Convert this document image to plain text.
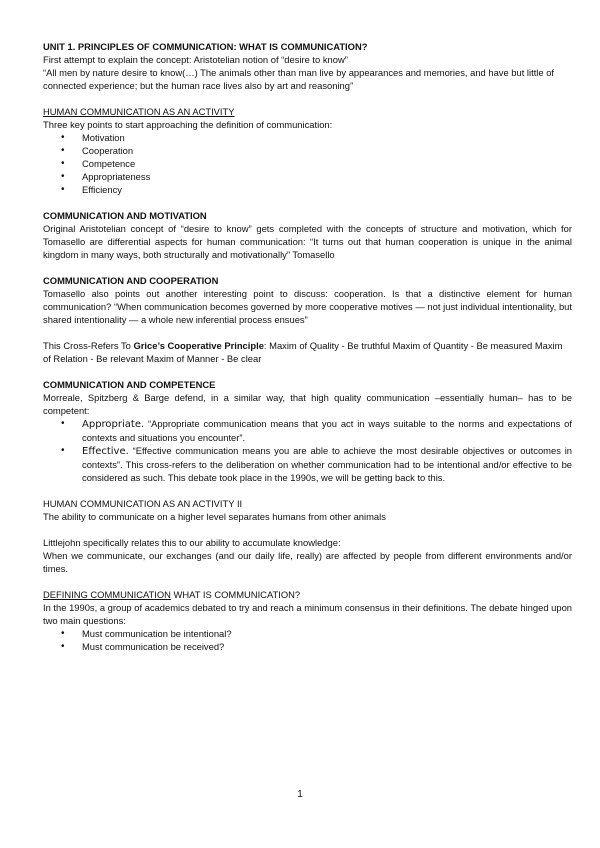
UNIT 1. PRINCIPLES OF COMMUNICATION: WHAT IS COMMUNICATION?

First attempt to explain the concept: Aristotelian notion of “desire to know”

“All men by nature desire to know(…) The animals other than man live by appearances and memories, and have but little of connected experience; but the human race lives also by art and reasoning”

HUMAN COMMUNICATION AS AN ACTIVITY

Three key points to start approaching the definition of communication:

• Motivation
• Cooperation
• Competence
• Appropriateness
• Efficiency

COMMUNICATION AND MOTIVATION

Original Aristotelian concept of “desire to know” gets completed with the concepts of structure and motivation, which for Tomasello are differential aspects for human communication: “It turns out that human cooperation is unique in the animal kingdom in many ways, both structurally and motivationally” Tomasello

COMMUNICATION AND COOPERATION

Tomasello also points out another interesting point to discuss: cooperation. Is that a distinctive element for human communication? “When communication becomes governed by more cooperative motives — not just individual intentionality, but shared intentionality — a whole new inferential process ensues”

This Cross-Refers To Grice’s Cooperative Principle: Maxim of Quality - Be truthful Maxim of Quantity - Be measured Maxim of Relation - Be relevant Maxim of Manner - Be clear

COMMUNICATION AND COMPETENCE

Morreale, Spitzberg & Barge defend, in a similar way, that high quality communication –essentially human– has to be competent:

• Appropriate. “Appropriate communication means that you act in ways suitable to the norms and expectations of contexts and situations you encounter”.
• Effective. “Effective communication means you are able to achieve the most desirable objectives or outcomes in contexts”. This cross-refers to the deliberation on whether communication had to be intentional and/or effective to be considered as such. This debate took place in the 1990s, we will be getting back to this.

HUMAN COMMUNICATION AS AN ACTIVITY II

The ability to communicate on a higher level separates humans from other animals

Littlejohn specifically relates this to our ability to accumulate knowledge:

When we communicate, our exchanges (and our daily life, really) are affected by people from different environments and/or times.

DEFINING COMMUNICATION WHAT IS COMMUNICATION?

In the 1990s, a group of academics debated to try and reach a minimum consensus in their definitions. The debate hinged upon two main questions:

• Must communication be intentional?
• Must communication be received?
1
